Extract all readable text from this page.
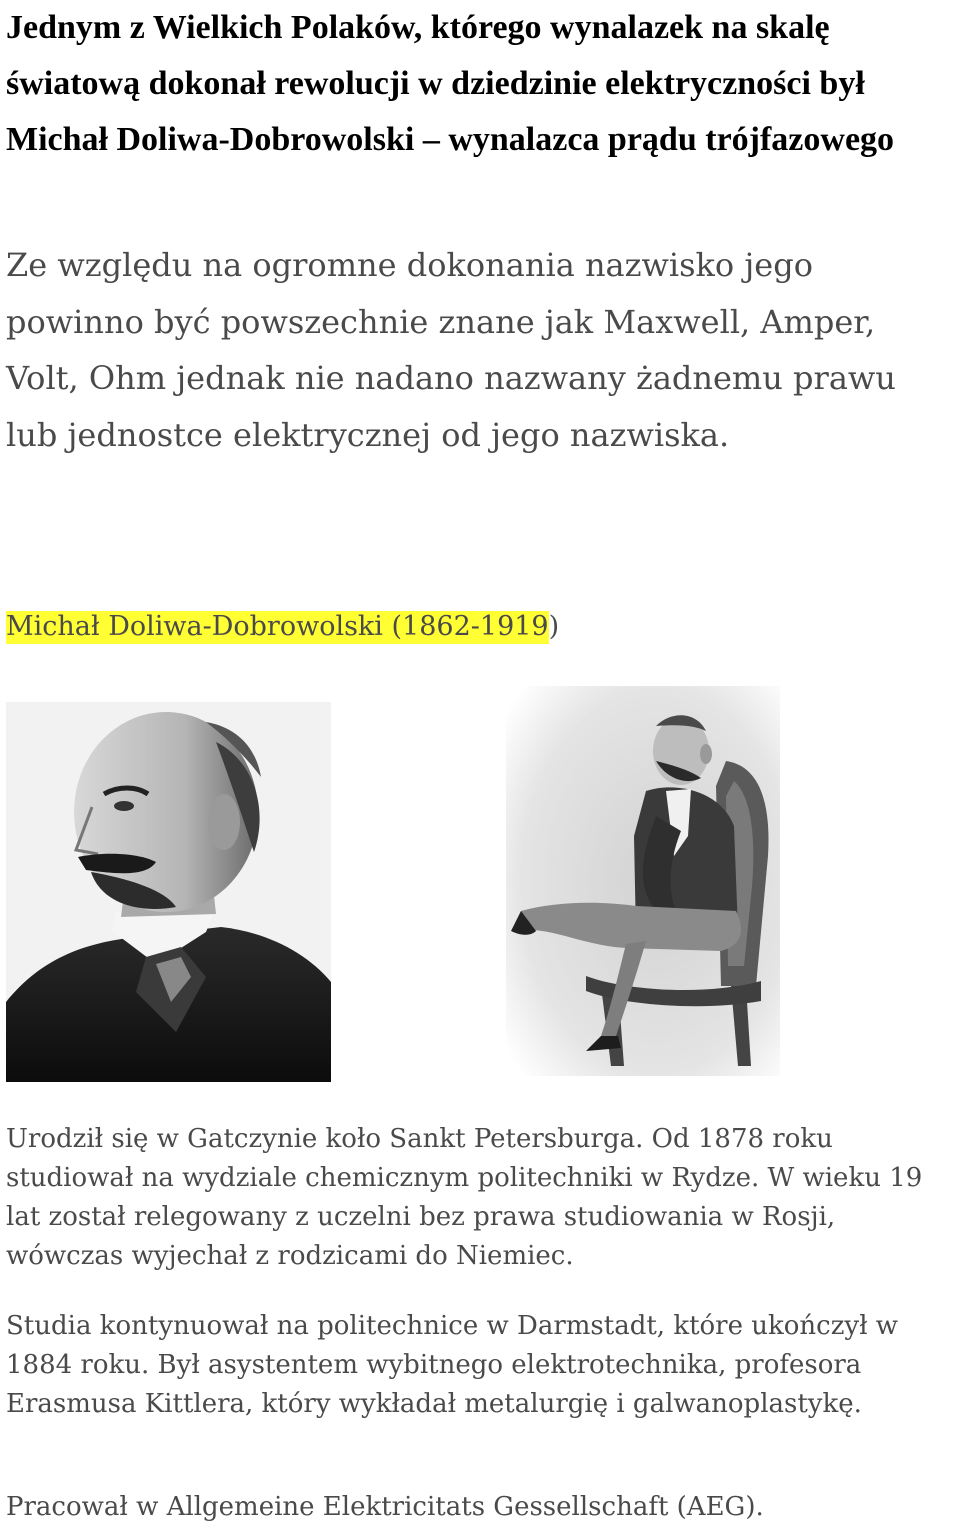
Jednym z Wielkich Polaków, którego wynalazek na skalę światową dokonał rewolucji w dziedzinie elektryczności był Michał Doliwa-Dobrowolski – wynalazca prądu trójfazowego

Ze względu na ogromne dokonania nazwisko jego powinno być powszechnie znane jak Maxwell, Amper, Volt, Ohm jednak nie nadano nazwany żadnemu prawu lub jednostce elektrycznej od jego nazwiska.

Michał Doliwa-Dobrowolski (1862-1919)

Urodził się w Gatczynie koło Sankt Petersburga. Od 1878 roku studiował na wydziale chemicznym politechniki w Rydze. W wieku 19 lat został relegowany z uczelni bez prawa studiowania w Rosji, wówczas wyjechał z rodzicami do Niemiec.

Studia kontynuował na politechnice w Darmstadt, które ukończył w 1884 roku. Był asystentem wybitnego elektrotechnika, profesora Erasmusa Kittlera, który wykładał metalurgię i galwanoplastykę.

Pracował w Allgemeine Elektricitats Gessellschaft (AEG).
